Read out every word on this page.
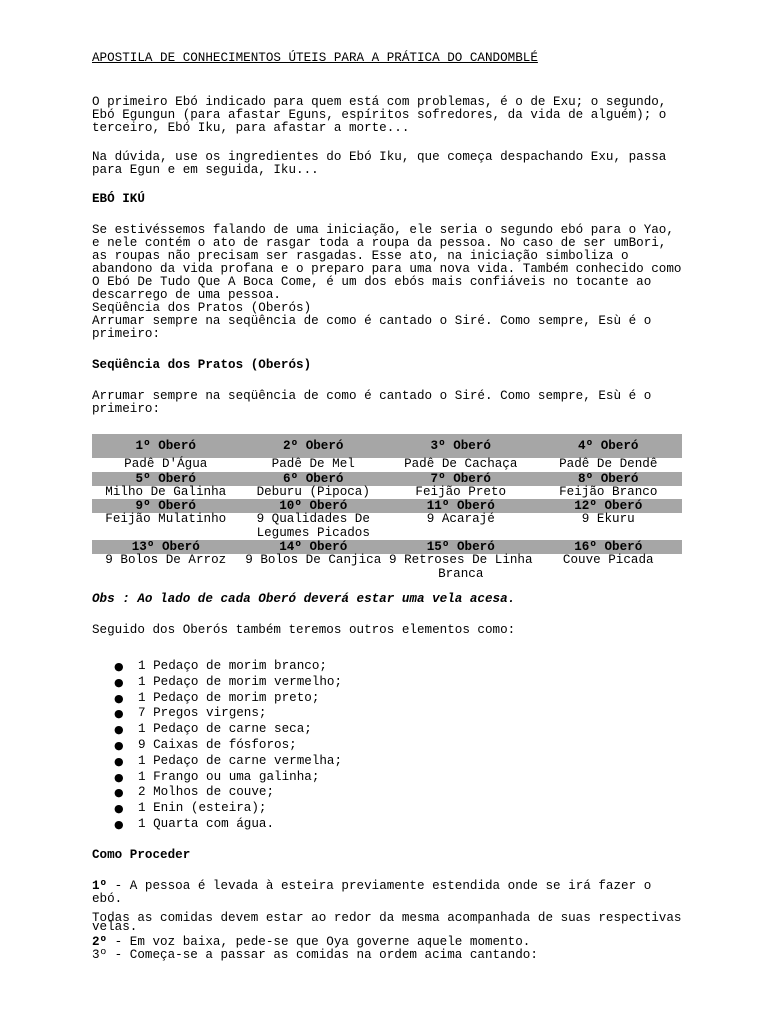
APOSTILA DE CONHECIMENTOS ÚTEIS PARA A PRÁTICA DO CANDOMBLÉ

O primeiro Ebó indicado para quem está com problemas, é o de Exu; o segundo, Ebó Egungun (para afastar Eguns, espíritos sofredores, da vida de alguém); o terceiro, Ebó Iku, para afastar a morte...

Na dúvida, use os ingredientes do Ebó Iku, que começa despachando Exu, passa para Egun e em seguida, Iku...

EBÓ IKÚ

Se estivéssemos falando de uma iniciação, ele seria o segundo ebó para o Yao, e nele contém o ato de rasgar toda a roupa da pessoa. No caso de ser umBori, as roupas não precisam ser rasgadas. Esse ato, na iniciação simboliza o abandono da vida profana e o preparo para uma nova vida. Também conhecido como O Ebó De Tudo Que A Boca Come, é um dos ebós mais confiáveis no tocante ao descarrego de uma pessoa.

Seqüência dos Pratos (Oberós)

Arrumar sempre na seqüência de como é cantado o Siré. Como sempre, Esù é o primeiro:

Seqüência dos Pratos (Oberós)

Arrumar sempre na seqüência de como é cantado o Siré. Como sempre, Esù é o primeiro:

1º Oberó	2º Oberó	3º Oberó	4º Oberó
Padê D'Água	Padê De Mel	Padê De Cachaça	Padê De Dendê
5º Oberó	6º Oberó	7º Oberó	8º Oberó
Milho De Galinha	Deburu (Pipoca)	Feijão Preto	Feijão Branco
9º Oberó	10º Oberó	11º Oberó	12º Oberó
Feijão Mulatinho	9 Qualidades De Legumes Picados	9 Acarajé	9 Ekuru
13º Oberó	14º Oberó	15º Oberó	16º Oberó
9 Bolos De Arroz	9 Bolos De Canjica	9 Retroses De Linha Branca	Couve Picada

Obs : Ao lado de cada Oberó deverá estar uma vela acesa.

Seguido dos Oberós também teremos outros elementos como:

● 1 Pedaço de morim branco;
● 1 Pedaço de morim vermelho;
● 1 Pedaço de morim preto;
● 7 Pregos virgens;
● 1 Pedaço de carne seca;
● 9 Caixas de fósforos;
● 1 Pedaço de carne vermelha;
● 1 Frango ou uma galinha;
● 2 Molhos de couve;
● 1 Enin (esteira);
● 1 Quarta com água.

Como Proceder

1º - A pessoa é levada à esteira previamente estendida onde se irá fazer o ebó.

Todas as comidas devem estar ao redor da mesma acompanhada de suas respectivas velas.

2º - Em voz baixa, pede-se que Oya governe aquele momento.

3º - Começa-se a passar as comidas na ordem acima cantando:
